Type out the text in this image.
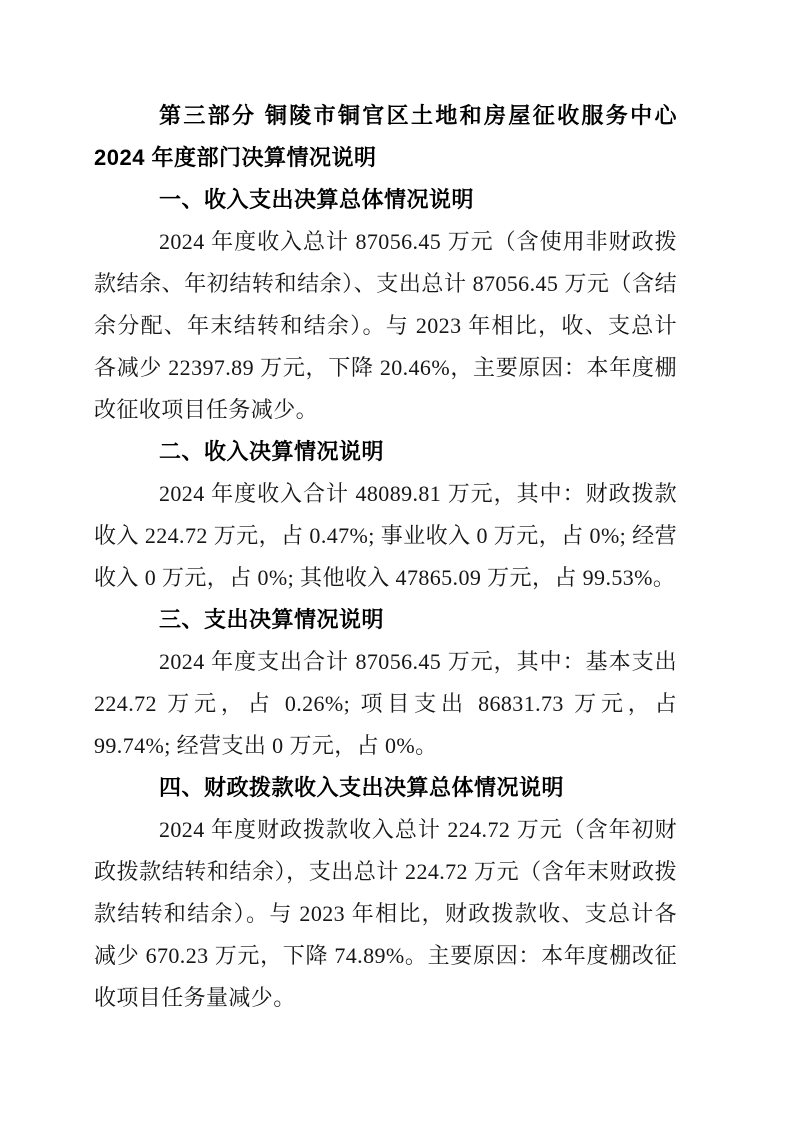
第三部分 铜陵市铜官区土地和房屋征收服务中心 2024 年度部门决算情况说明
一、收入支出决算总体情况说明

2024 年度收入总计 87056.45 万元（含使用非财政拨款结余、年初结转和结余）、支出总计 87056.45 万元（含结余分配、年末结转和结余）。与 2023 年相比，收、支总计各减少 22397.89 万元，下降 20.46%，主要原因：本年度棚改征收项目任务减少。

二、收入决算情况说明

2024 年度收入合计 48089.81 万元，其中：财政拨款收入 224.72 万元，占 0.47%; 事业收入 0 万元，占 0%; 经营收入 0 万元，占 0%; 其他收入 47865.09 万元，占 99.53%。

三、支出决算情况说明

2024 年度支出合计 87056.45 万元，其中：基本支出 224.72 万元，占 0.26%; 项目支出 86831.73 万元，占 99.74%; 经营支出 0 万元，占 0%。

四、财政拨款收入支出决算总体情况说明

2024 年度财政拨款收入总计 224.72 万元（含年初财政拨款结转和结余），支出总计 224.72 万元（含年末财政拨款结转和结余）。与 2023 年相比，财政拨款收、支总计各减少 670.23 万元，下降 74.89%。主要原因：本年度棚改征收项目任务量减少。
